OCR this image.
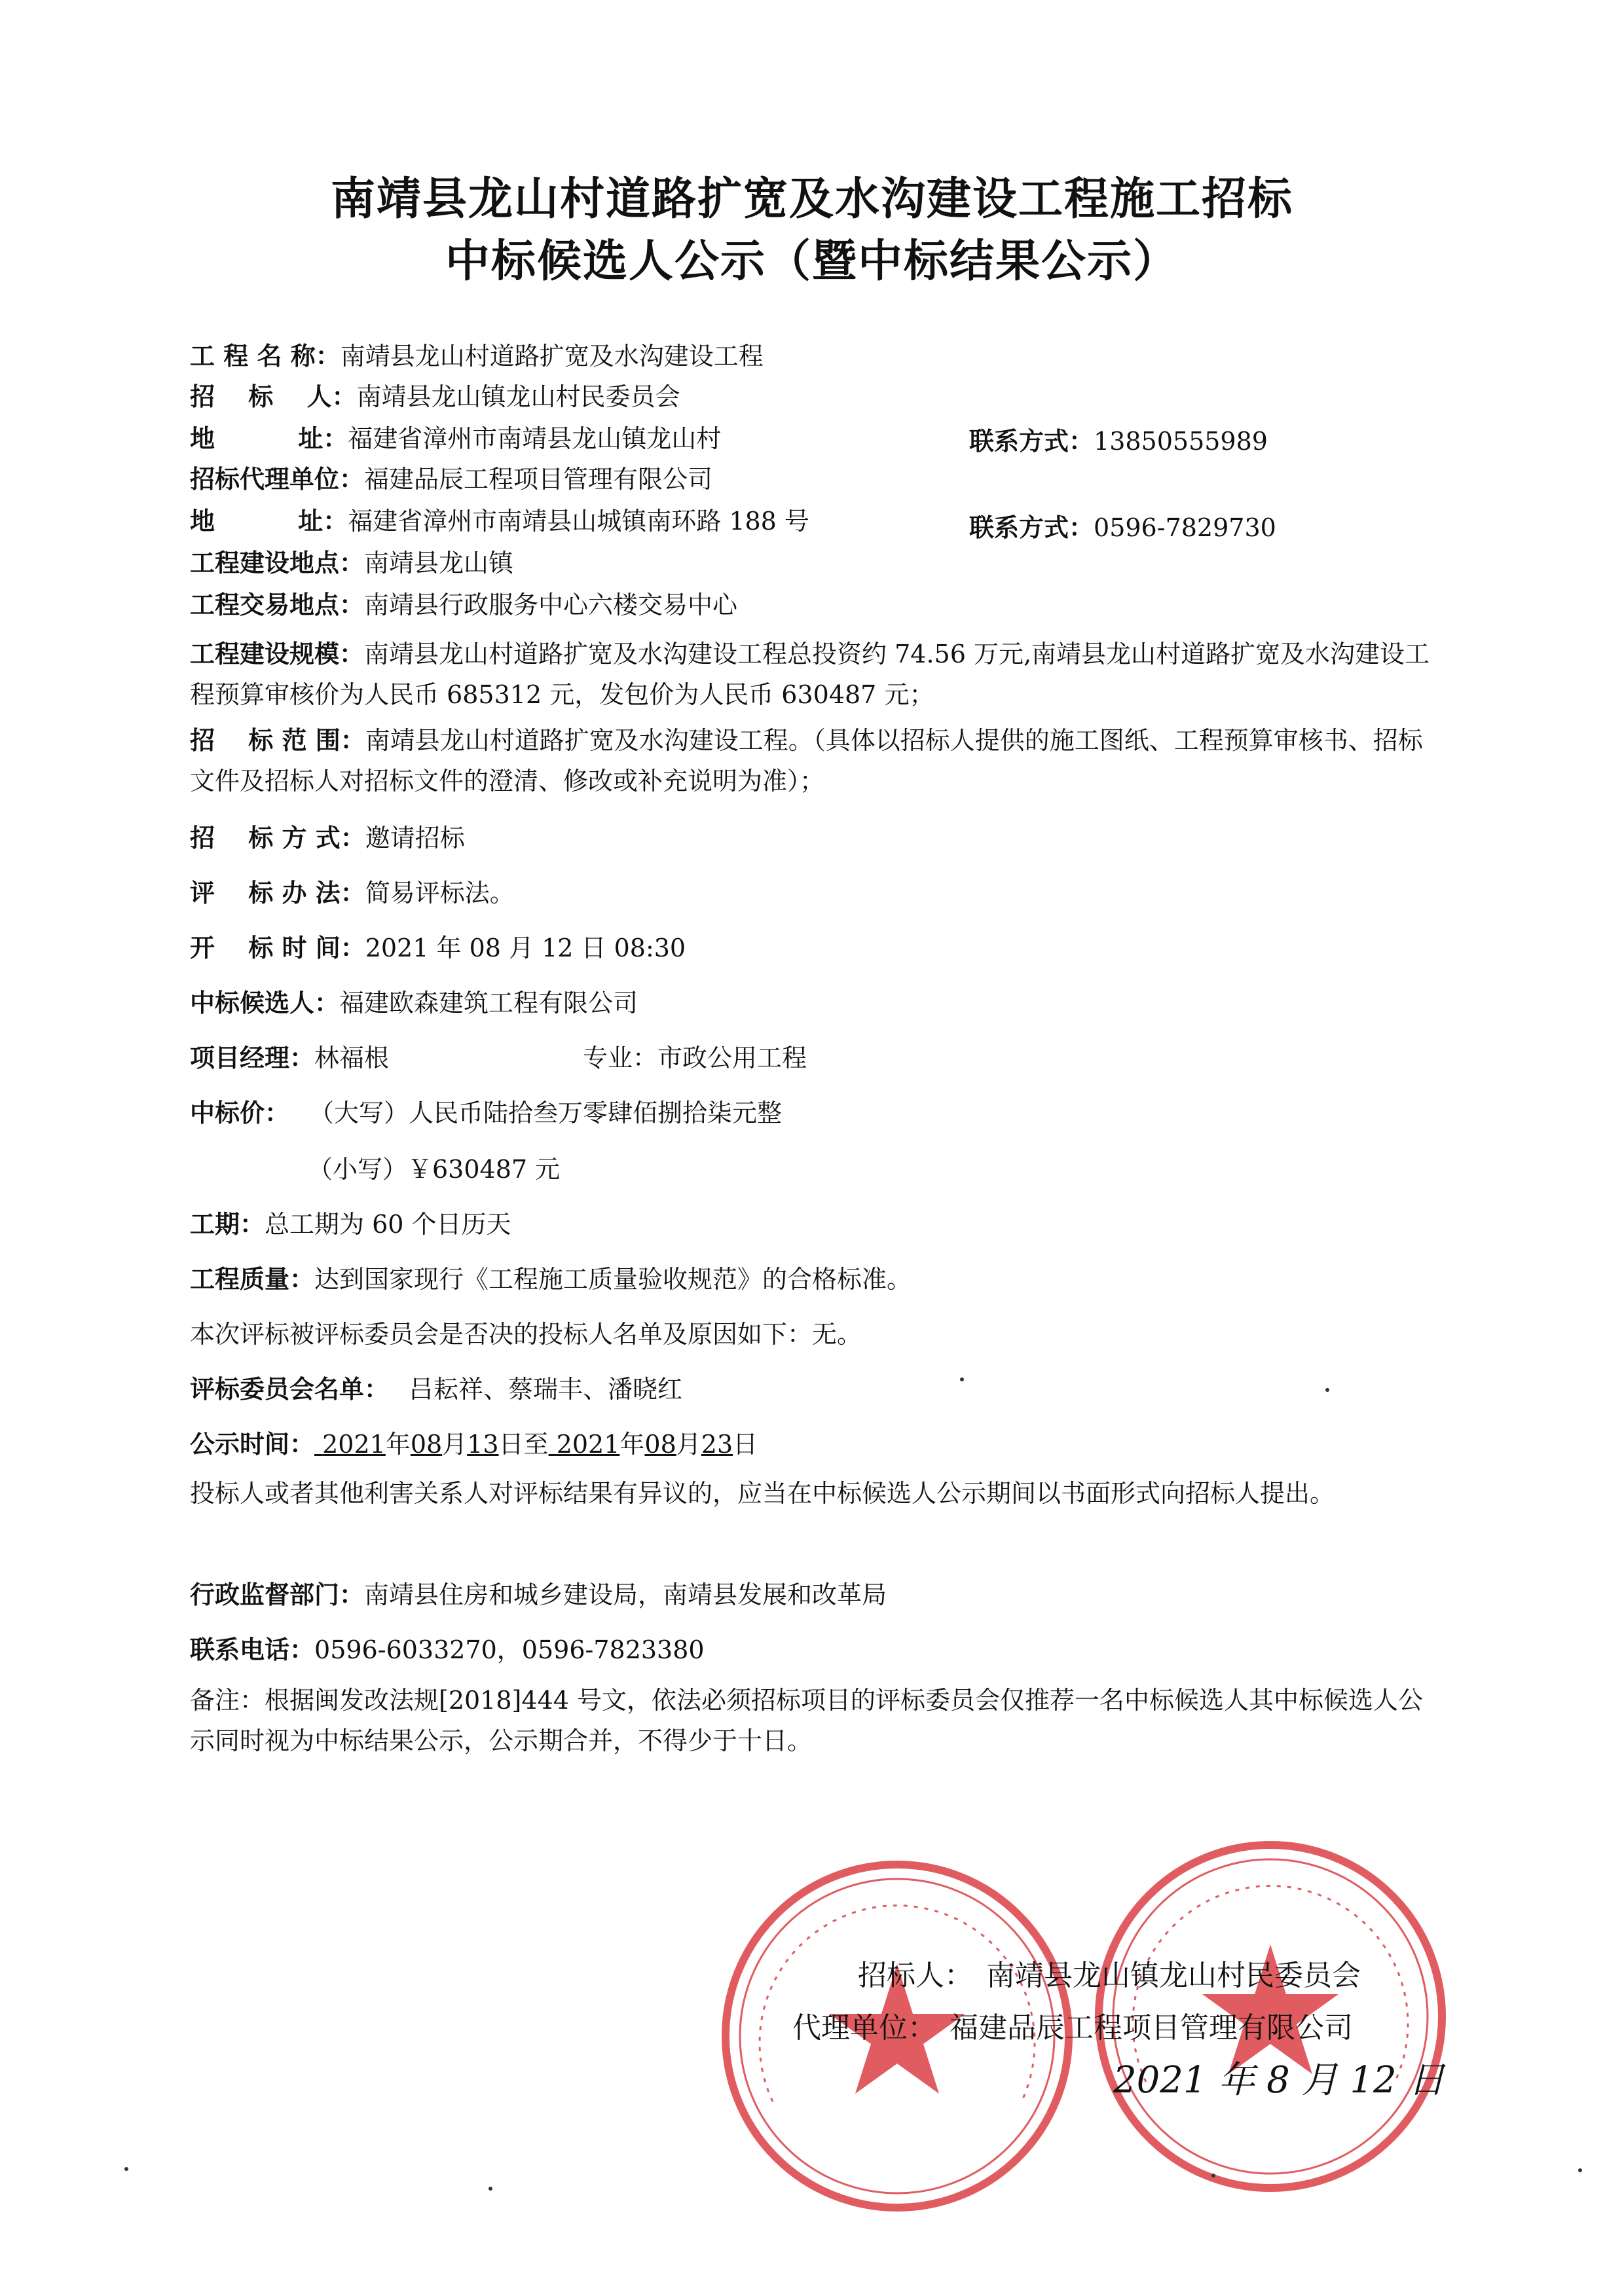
南靖县龙山村道路扩宽及水沟建设工程施工招标
中标候选人公示（暨中标结果公示）
工 程 名 称：南靖县龙山村道路扩宽及水沟建设工程
招　 标　 人：南靖县龙山镇龙山村民委员会
地　　　 址：福建省漳州市南靖县龙山镇龙山村	联系方式：13850555989
招标代理单位：福建品辰工程项目管理有限公司
地　　　 址：福建省漳州市南靖县山城镇南环路 188 号	联系方式：0596-7829730
工程建设地点：南靖县龙山镇
工程交易地点：南靖县行政服务中心六楼交易中心
工程建设规模：南靖县龙山村道路扩宽及水沟建设工程总投资约 74.56 万元,南靖县龙山村道路扩宽及水沟建设工程预算审核价为人民币 685312 元，发包价为人民币 630487 元；
招　 标 范 围：南靖县龙山村道路扩宽及水沟建设工程。（具体以招标人提供的施工图纸、工程预算审核书、招标文件及招标人对招标文件的澄清、修改或补充说明为准）；
招　 标 方 式：邀请招标
评　 标 办 法：简易评标法。
开　 标 时 间：2021 年 08 月 12 日 08:30
中标候选人：福建欧森建筑工程有限公司
项目经理：林福根	专业：市政公用工程
中标价： （大写）人民币陆拾叁万零肆佰捌拾柒元整
（小写）￥630487 元
工期：总工期为 60 个日历天
工程质量：达到国家现行《工程施工质量验收规范》的合格标准。
本次评标被评标委员会是否决的投标人名单及原因如下：无。
评标委员会名单： 吕耘祥、蔡瑞丰、潘晓红
公示时间： 2021年08月13日至 2021年08月23日
投标人或者其他利害关系人对评标结果有异议的，应当在中标候选人公示期间以书面形式向招标人提出。
行政监督部门：南靖县住房和城乡建设局，南靖县发展和改革局
联系电话：0596-6033270，0596-7823380
备注：根据闽发改法规[2018]444 号文，依法必须招标项目的评标委员会仅推荐一名中标候选人其中标候选人公示同时视为中标结果公示，公示期合并，不得少于十日。
招标人： 南靖县龙山镇龙山村民委员会
代理单位： 福建品辰工程项目管理有限公司
2021 年 8 月 12 日
